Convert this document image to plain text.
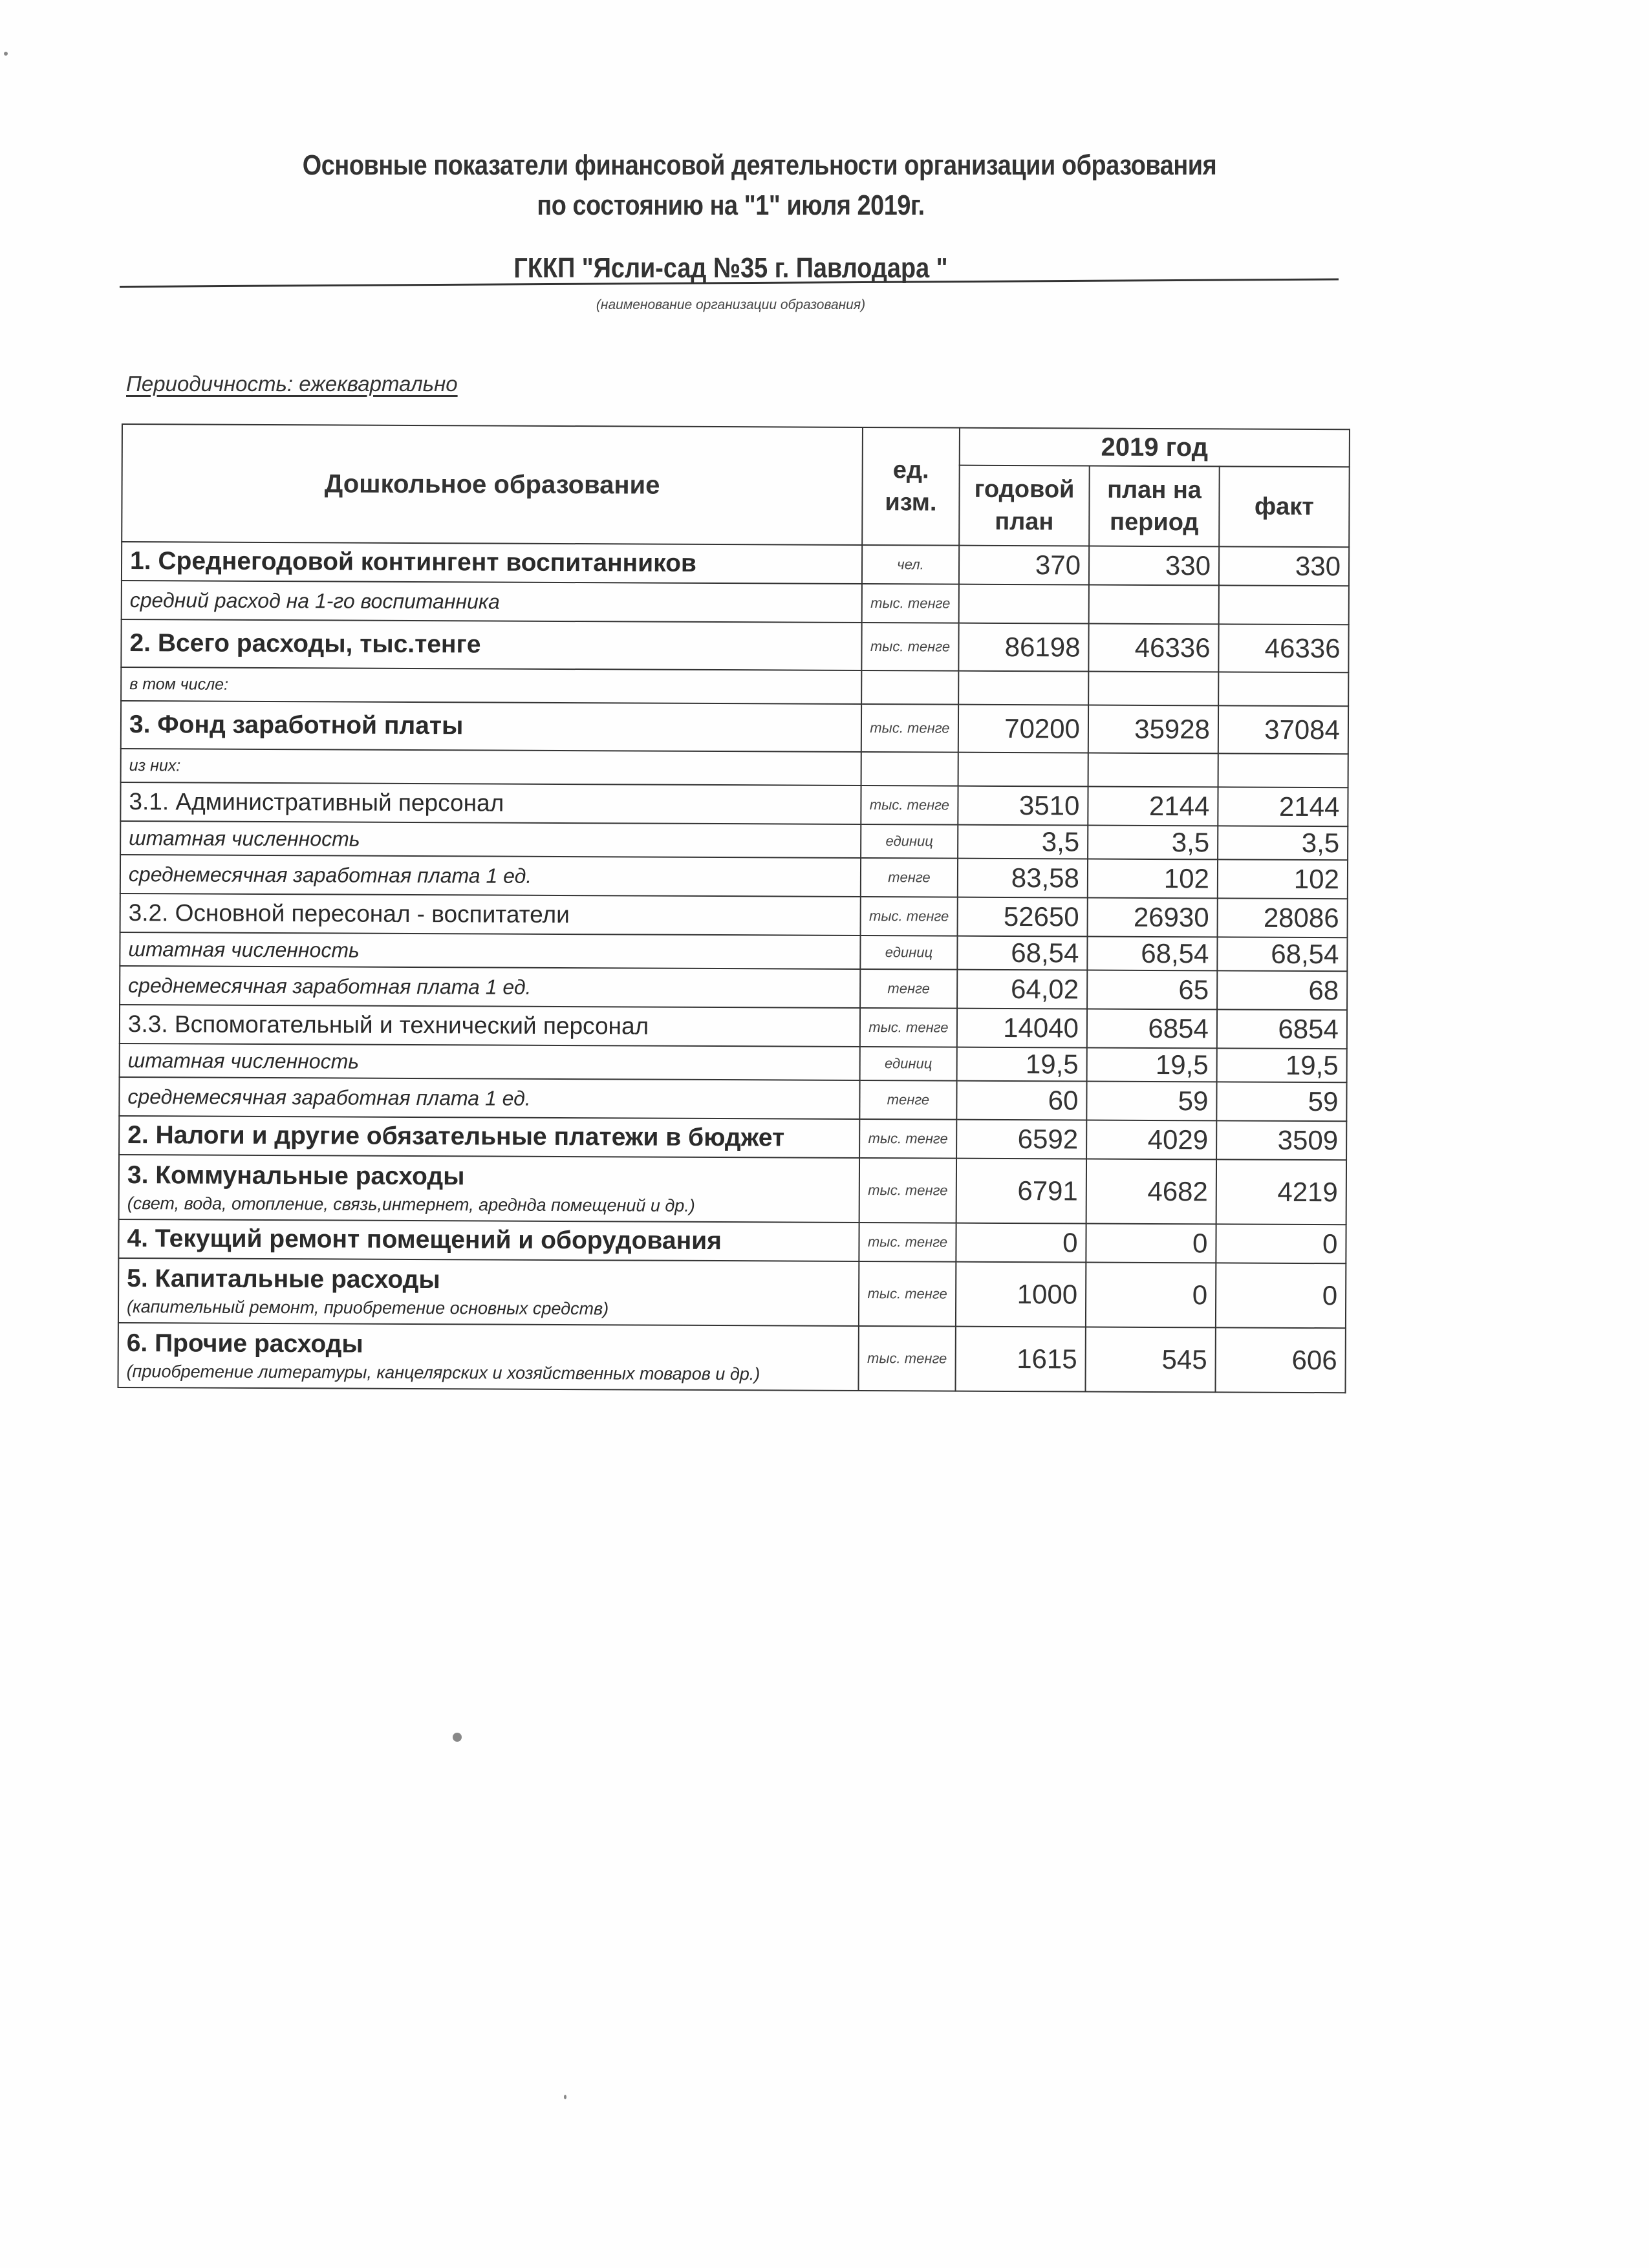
Основные показатели финансовой деятельности организации образования
по состоянию на "1" июля 2019г.
ГККП "Ясли-сад №35 г. Павлодара "
(наименование организации образования)
Периодичность: ежеквартально
Дошкольное образование	ед. изм.	2019 год		
		годовой план	план на период	факт
1. Среднегодовой контингент воспитанников	чел.	370	330	330
средний расход на 1-го воспитанника	тыс. тенге			
2. Всего расходы, тыс.тенге	тыс. тенге	86198	46336	46336
в том числе:				
3. Фонд заработной платы	тыс. тенге	70200	35928	37084
из них:				
3.1. Административный персонал	тыс. тенге	3510	2144	2144
штатная численность	единиц	3,5	3,5	3,5
среднемесячная заработная плата 1 ед.	тенге	83,58	102	102
3.2. Основной пересонал - воспитатели	тыс. тенге	52650	26930	28086
штатная численность	единиц	68,54	68,54	68,54
среднемесячная заработная плата 1 ед.	тенге	64,02	65	68
3.3. Вспомогательный и технический персонал	тыс. тенге	14040	6854	6854
штатная численность	единиц	19,5	19,5	19,5
среднемесячная заработная плата 1 ед.	тенге	60	59	59
2. Налоги и другие обязательные платежи в бюджет	тыс. тенге	6592	4029	3509
3. Коммунальные расходы
(свет, вода, отопление, связь,интернет, ареднда помещений и др.)	тыс. тенге	6791	4682	4219
4. Текущий ремонт помещений и оборудования	тыс. тенге	0	0	0
5. Капитальные расходы
(капительный ремонт, приобретение основных средств)	тыс. тенге	1000	0	0
6. Прочие расходы
(приобретение литературы, канцелярских и хозяйственных товаров и др.)	тыс. тенге	1615	545	606
